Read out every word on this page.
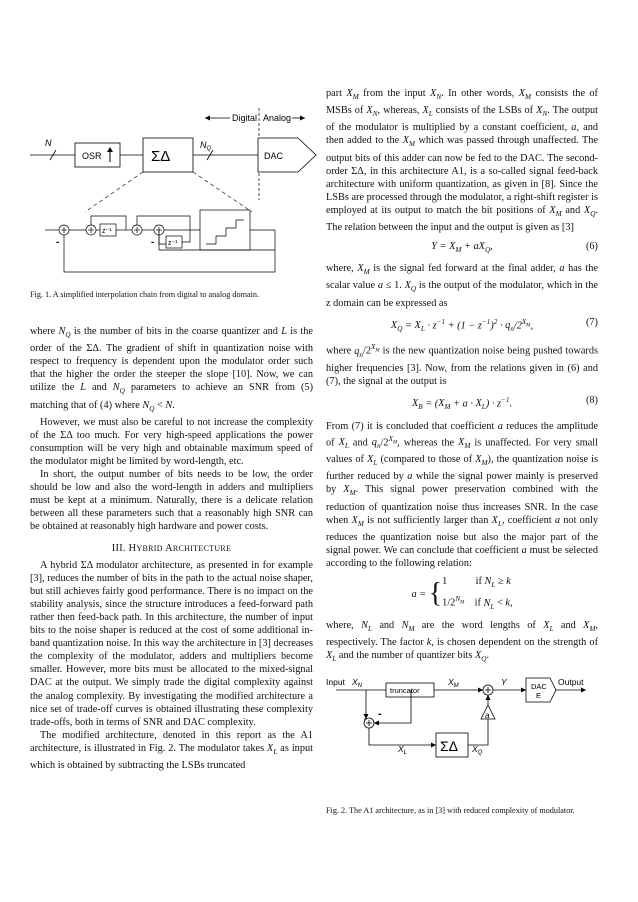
Digital Analog
N
OSR	ΣΔ
$N_Q$
DAC
z⁻¹
z⁻¹
-	-
Fig. 1. A simplified interpolation chain from digital to analog domain.

where $N_Q$ is the number of bits in the coarse quantizer and L is the order of the ΣΔ. The gradient of shift in quantization noise with respect to frequency is dependent upon the modulator order such that the higher the order the steeper the slope [10]. Now, we can utilize the L and $N_Q$ parameters to achieve an SNR from (5) matching that of (4) where $N_Q < N$.

However, we must also be careful to not increase the complexity of the ΣΔ too much. For very high-speed applications the power consumption will be very high and obtainable maximum speed of the modulator might be limited by word-length, etc.

In short, the output number of bits needs to be low, the order should be low and also the word-length in adders and multipliers must be kept at a minimum. Naturally, there is a delicate relation between all these parameters such that a reasonably high SNR can be obtained at reasonably high hardware and power costs.

III. HYBRID ARCHITECTURE

A hybrid ΣΔ modulator architecture, as presented in for example [3], reduces the number of bits in the path to the actual noise shaper, but still achieves fairly good performance. There is no impact on the stability analysis, since the structure introduces a feed-forward path rather then feed-back path. In this architecture, the number of input bits to the noise shaper is reduced at the cost of some additional in-band quantization noise. In this way the architecture in [3] decreases the complexity of the modulator, adders and multipliers become smaller. However, more bits must be allocated to the mixed-signal DAC at the output. We simply trade the digital complexity against the analog complexity. By investigating the modified architecture a nice set of trade-off curves is obtained illustrating these complexity trade-offs, both in terms of SNR and DAC complexity.

The modified architecture, denoted in this report as the A1 architecture, is illustrated in Fig. 2. The modulator takes $X_L$ as input which is obtained by subtracting the LSBs truncated

part $X_M$ from the input $X_N$. In other words, $X_M$ consists the of MSBs of $X_N$, whereas, $X_L$ consists of the LSBs of $X_N$. The output of the modulator is multiplied by a constant coefficient, a, and then added to the $X_M$ which was passed through unaffected. The output bits of this adder can now be fed to the DAC. The second-order ΣΔ, in this architecture A1, is a so-called signal feed-back architecture with uniform quantization, as given in [8]. Since the LSBs are processed through the modulator, a right-shift register is employed at its output to match the bit positions of $X_M$ and $X_Q$. The relation between the input and the output is given as [3]

$Y = X_M + aX_Q$,	(6)

where, $X_M$ is the signal fed forward at the final adder, a has the scalar value a ≤ 1. $X_Q$ is the output of the modulator, which in the z domain can be expressed as

$X_Q = X_L \cdot z^{-1} + (1 - z^{-1})^2 \cdot q_n/2^{X_M}$,	(7)

where $q_n/2^{X_M}$ is the new quantization noise being pushed towards higher frequencies [3]. Now, from the relations given in (6) and (7), the signal at the output is

$X_B = (X_M + a \cdot X_L) \cdot z^{-1}$.	(8)

From (7) it is concluded that coefficient a reduces the amplitude of $X_L$ and $q_n/2^{X_M}$, whereas the $X_M$ is unaffected. For very small values of $X_L$ (compared to those of $X_M$), the quantization noise is further reduced by a while the signal power mainly is preserved by $X_M$. This signal power preservation combined with the reduction of quantization noise thus increases SNR. In the case when $X_M$ is not sufficiently larger than $X_L$, coefficient a not only reduces the quantization noise but also the major part of the signal power. We can conclude that coefficient a must be selected according to the following relation:

a = { 1           if $N_L \ge k$
$1/2^{N_M}$    if $N_L < k$,

where, $N_L$ and $N_M$ are the word lengths of $X_L$ and $X_M$, respectively. The factor k, is chosen dependent on the strength of $X_L$ and the number of quantizer bits $X_Q$.

Input $X_N$	Output
Y
$X_M$
$X_L$	$X_Q$
truncator	DAC
E
ΣΔ
a
-
Fig. 2. The A1 architecture, as in [3] with reduced complexity of modulator.
